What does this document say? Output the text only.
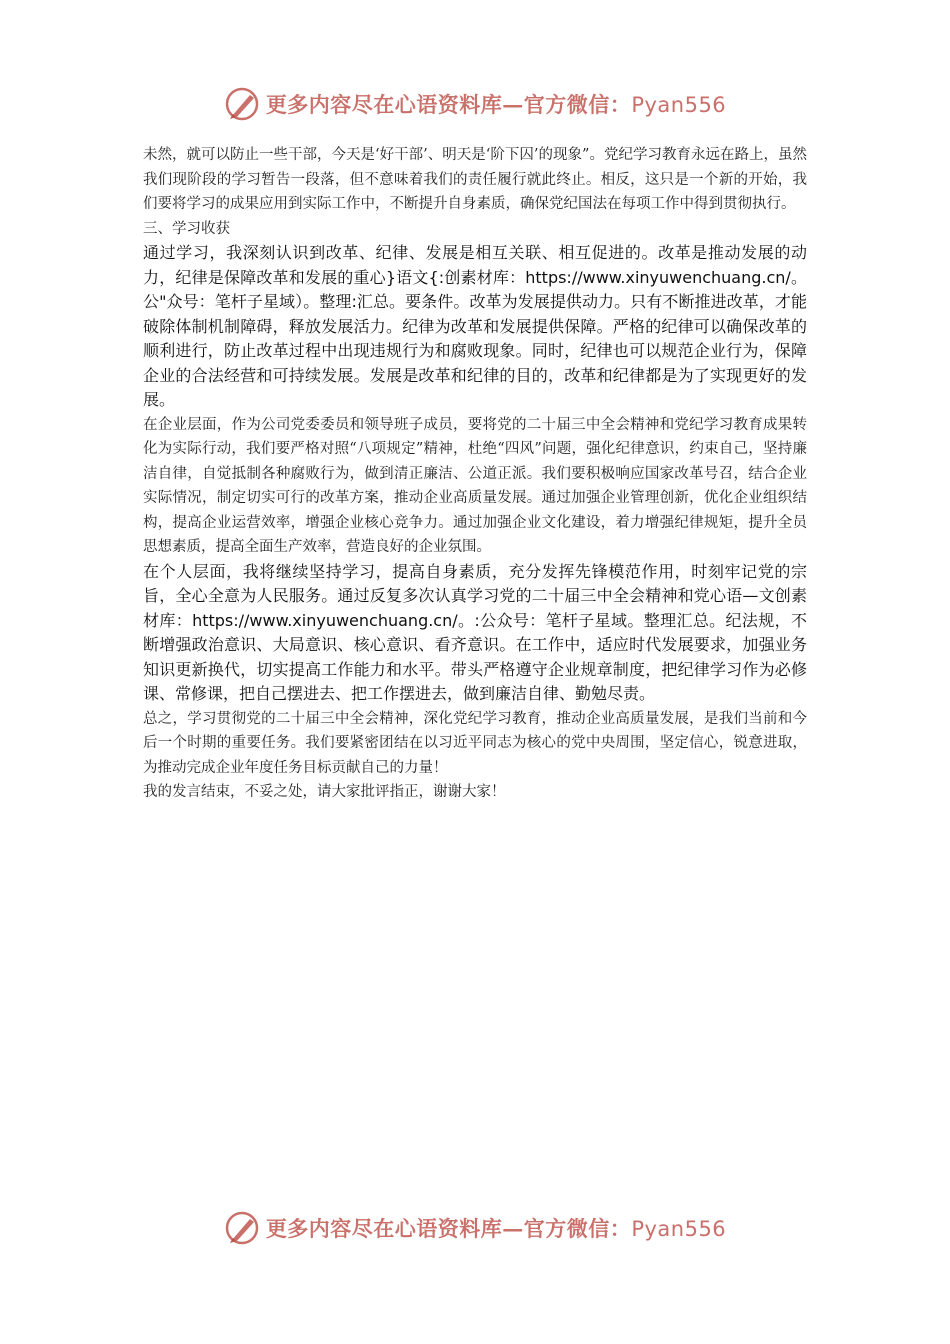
更多内容尽在心语资料库—官方微信：Pyan556

未然，就可以防止一些干部，今天是‘好干部’、明天是‘阶下囚’的现象”。党纪学习教育永远在路上，虽然我们现阶段的学习暂告一段落，但不意味着我们的责任履行就此终止。相反，这只是一个新的开始，我们要将学习的成果应用到实际工作中，不断提升自身素质，确保党纪国法在每项工作中得到贯彻执行。

三、学习收获

通过学习，我深刻认识到改革、纪律、发展是相互关联、相互促进的。改革是推动发展的动力，纪律是保障改革和发展的重心}语文{:创素材库：https://www.xinyuwenchuang.cn/。公"众号：笔杆子星域）。整理:汇总。要条件。改革为发展提供动力。只有不断推进改革，才能破除体制机制障碍，释放发展活力。纪律为改革和发展提供保障。严格的纪律可以确保改革的顺利进行，防止改革过程中出现违规行为和腐败现象。同时，纪律也可以规范企业行为，保障企业的合法经营和可持续发展。发展是改革和纪律的目的，改革和纪律都是为了实现更好的发展。

在企业层面，作为公司党委委员和领导班子成员，要将党的二十届三中全会精神和党纪学习教育成果转化为实际行动，我们要严格对照“八项规定”精神，杜绝“四风”问题，强化纪律意识，约束自己，坚持廉洁自律，自觉抵制各种腐败行为，做到清正廉洁、公道正派。我们要积极响应国家改革号召，结合企业实际情况，制定切实可行的改革方案，推动企业高质量发展。通过加强企业管理创新，优化企业组织结构，提高企业运营效率，增强企业核心竞争力。通过加强企业文化建设，着力增强纪律规矩，提升全员思想素质，提高全面生产效率，营造良好的企业氛围。

在个人层面，我将继续坚持学习，提高自身素质，充分发挥先锋模范作用，时刻牢记党的宗旨，全心全意为人民服务。通过反复多次认真学习党的二十届三中全会精神和党心语—文创素材库：https://www.xinyuwenchuang.cn/。:公众号：笔杆子星域。整理汇总。纪法规，不断增强政治意识、大局意识、核心意识、看齐意识。在工作中，适应时代发展要求，加强业务知识更新换代，切实提高工作能力和水平。带头严格遵守企业规章制度，把纪律学习作为必修课、常修课，把自己摆进去、把工作摆进去，做到廉洁自律、勤勉尽责。

总之，学习贯彻党的二十届三中全会精神，深化党纪学习教育，推动企业高质量发展，是我们当前和今后一个时期的重要任务。我们要紧密团结在以习近平同志为核心的党中央周围，坚定信心，锐意进取，为推动完成企业年度任务目标贡献自己的力量！

我的发言结束，不妥之处，请大家批评指正，谢谢大家！

更多内容尽在心语资料库—官方微信：Pyan556
